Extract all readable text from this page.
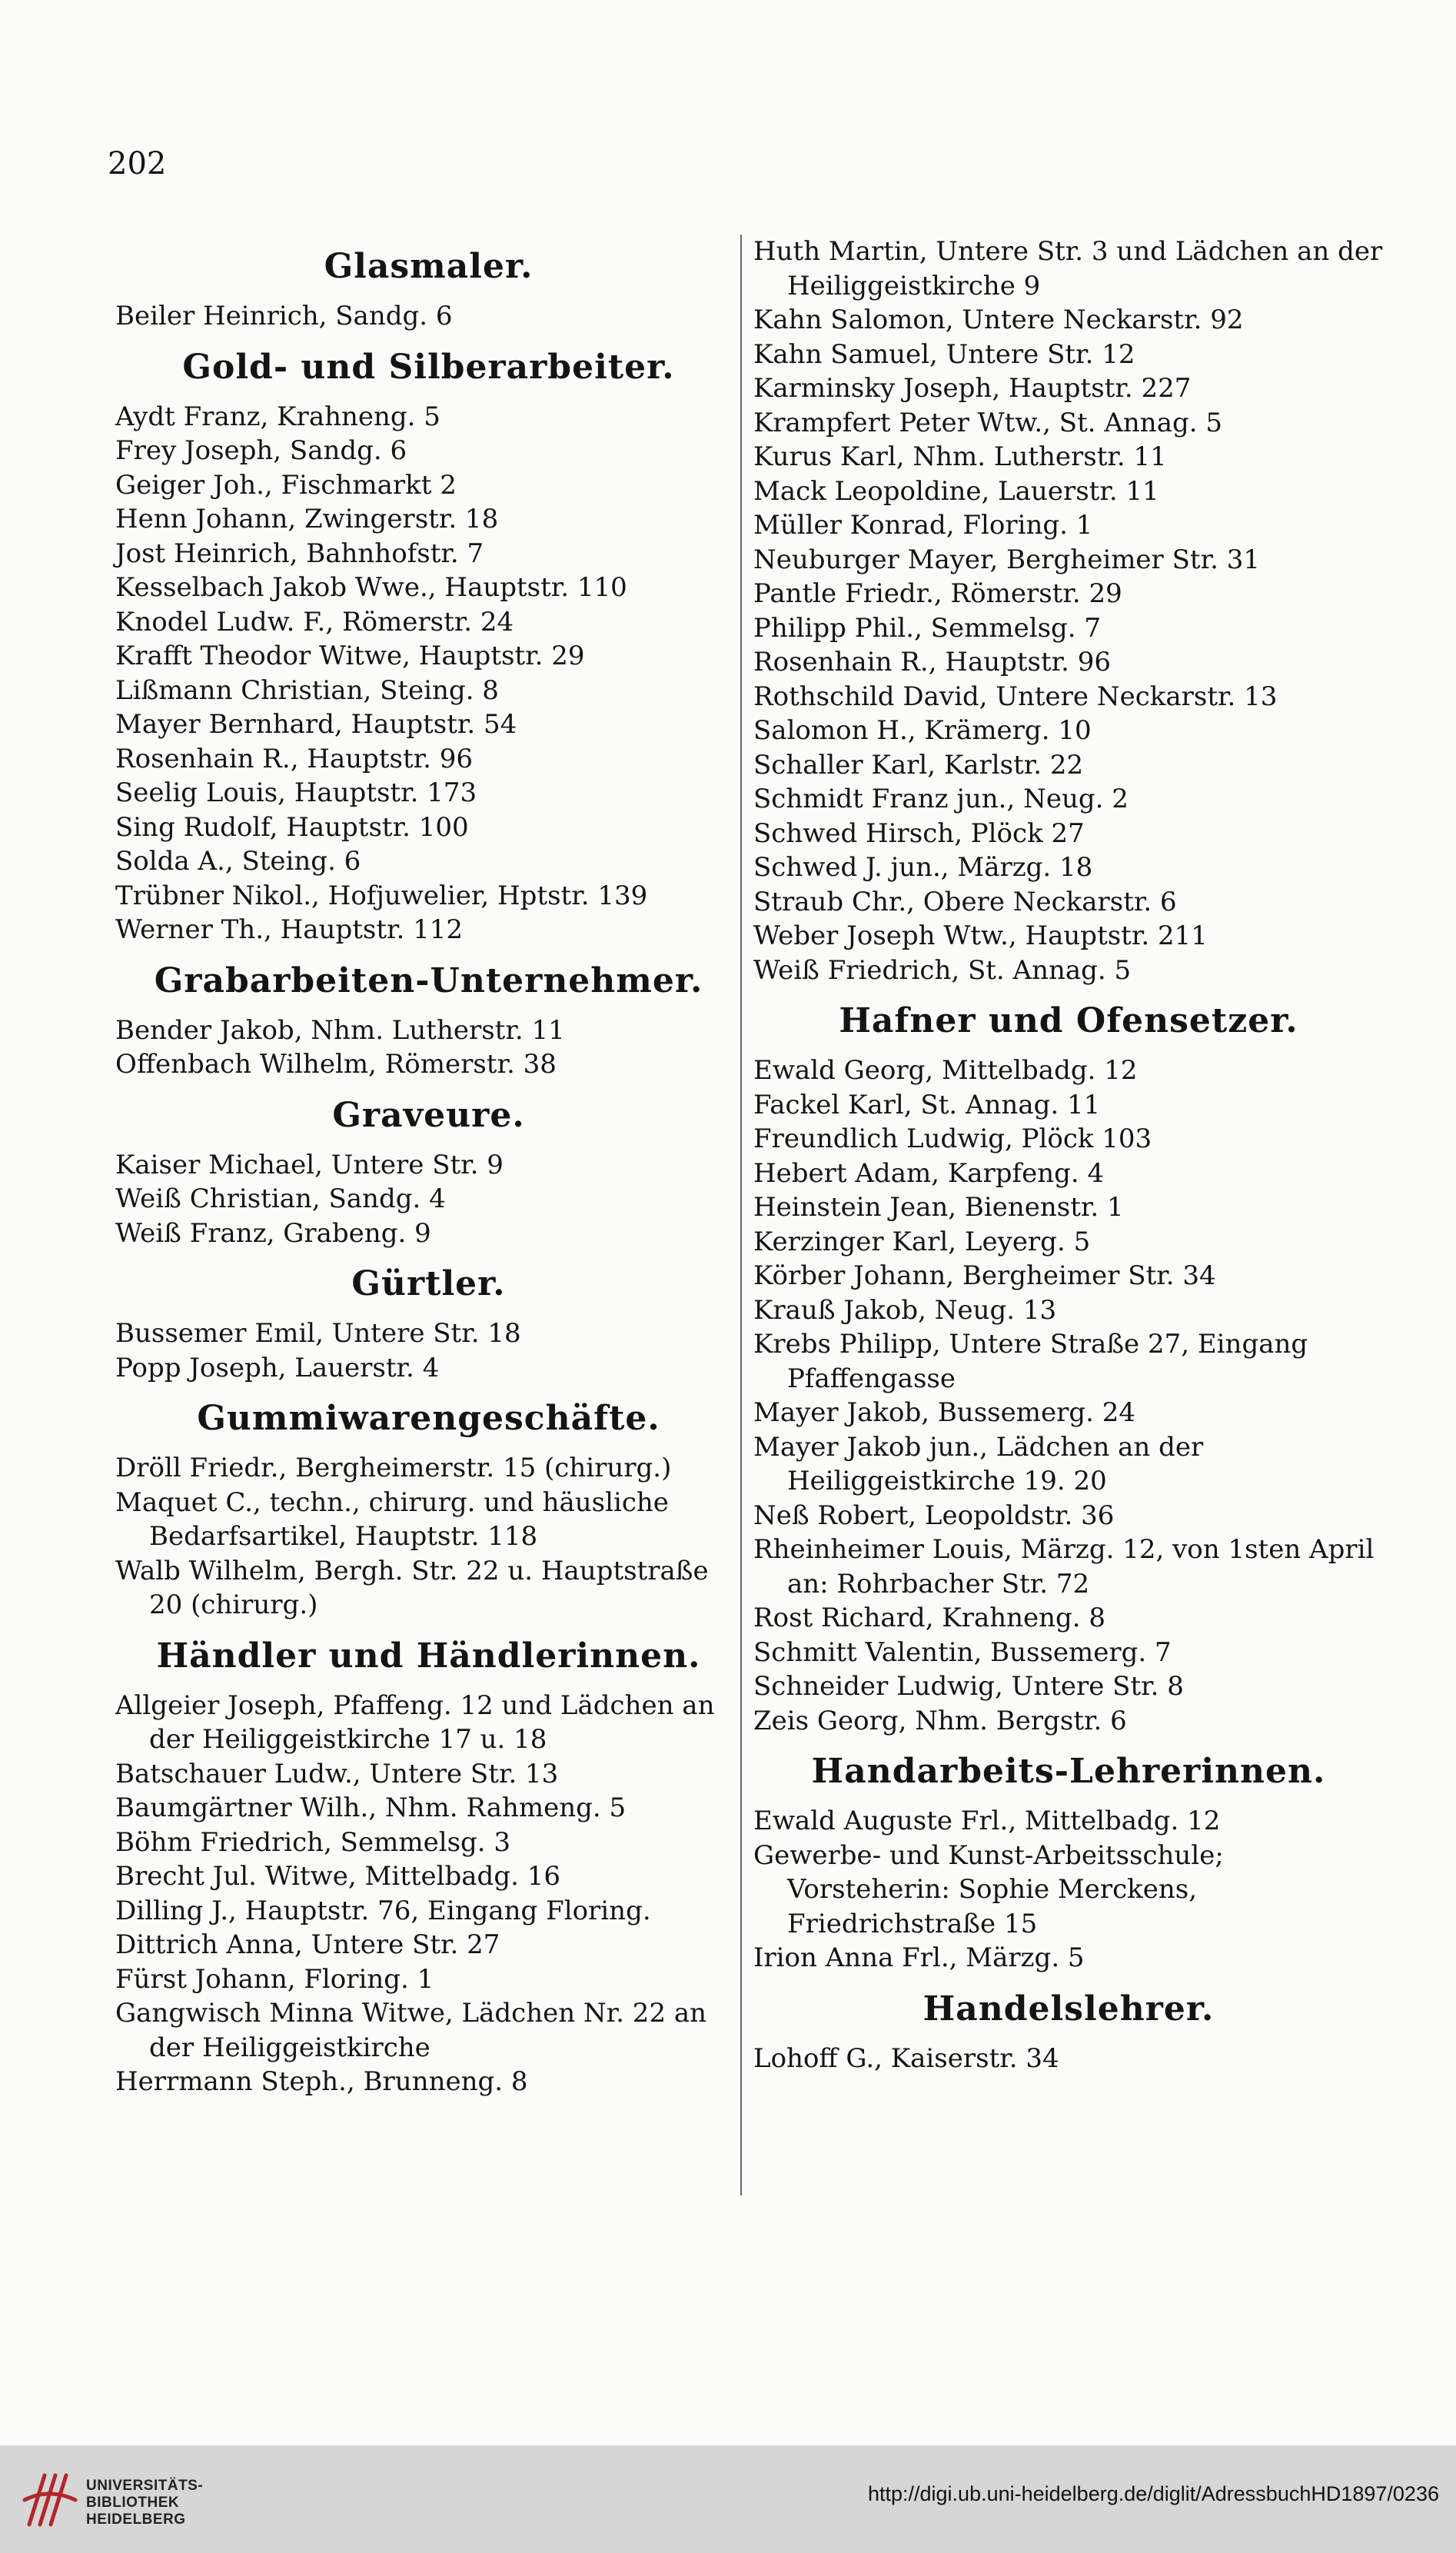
202
Glasmaler.
Beiler Heinrich, Sandg. 6
Gold- und Silberarbeiter.
Aydt Franz, Krahneng. 5
Frey Joseph, Sandg. 6
Geiger Joh., Fischmarkt 2
Henn Johann, Zwingerstr. 18
Jost Heinrich, Bahnhofstr. 7
Kesselbach Jakob Wwe., Hauptstr. 110
Knodel Ludw. F., Römerstr. 24
Krafft Theodor Witwe, Hauptstr. 29
Lißmann Christian, Steing. 8
Mayer Bernhard, Hauptstr. 54
Rosenhain R., Hauptstr. 96
Seelig Louis, Hauptstr. 173
Sing Rudolf, Hauptstr. 100
Solda A., Steing. 6
Trübner Nikol., Hofjuwelier, Hptstr. 139
Werner Th., Hauptstr. 112
Grabarbeiten-Unternehmer.
Bender Jakob, Nhm. Lutherstr. 11
Offenbach Wilhelm, Römerstr. 38
Graveure.
Kaiser Michael, Untere Str. 9
Weiß Christian, Sandg. 4
Weiß Franz, Grabeng. 9
Gürtler.
Bussemer Emil, Untere Str. 18
Popp Joseph, Lauerstr. 4
Gummiwarengeschäfte.
Dröll Friedr., Bergheimerstr. 15 (chirurg.)
Maquet C., techn., chirurg. und häusliche Bedarfsartikel, Hauptstr. 118
Walb Wilhelm, Bergh. Str. 22 u. Hauptstraße 20 (chirurg.)
Händler und Händlerinnen.
Allgeier Joseph, Pfaffeng. 12 und Lädchen an der Heiliggeistkirche 17 u. 18
Batschauer Ludw., Untere Str. 13
Baumgärtner Wilh., Nhm. Rahmeng. 5
Böhm Friedrich, Semmelsg. 3
Brecht Jul. Witwe, Mittelbadg. 16
Dilling J., Hauptstr. 76, Eingang Floring.
Dittrich Anna, Untere Str. 27
Fürst Johann, Floring. 1
Gangwisch Minna Witwe, Lädchen Nr. 22 an der Heiliggeistkirche
Herrmann Steph., Brunneng. 8
Huth Martin, Untere Str. 3 und Lädchen an der Heiliggeistkirche 9
Kahn Salomon, Untere Neckarstr. 92
Kahn Samuel, Untere Str. 12
Karminsky Joseph, Hauptstr. 227
Krampfert Peter Wtw., St. Annag. 5
Kurus Karl, Nhm. Lutherstr. 11
Mack Leopoldine, Lauerstr. 11
Müller Konrad, Floring. 1
Neuburger Mayer, Bergheimer Str. 31
Pantle Friedr., Römerstr. 29
Philipp Phil., Semmelsg. 7
Rosenhain R., Hauptstr. 96
Rothschild David, Untere Neckarstr. 13
Salomon H., Krämerg. 10
Schaller Karl, Karlstr. 22
Schmidt Franz jun., Neug. 2
Schwed Hirsch, Plöck 27
Schwed J. jun., Märzg. 18
Straub Chr., Obere Neckarstr. 6
Weber Joseph Wtw., Hauptstr. 211
Weiß Friedrich, St. Annag. 5
Hafner und Ofensetzer.
Ewald Georg, Mittelbadg. 12
Fackel Karl, St. Annag. 11
Freundlich Ludwig, Plöck 103
Hebert Adam, Karpfeng. 4
Heinstein Jean, Bienenstr. 1
Kerzinger Karl, Leyerg. 5
Körber Johann, Bergheimer Str. 34
Krauß Jakob, Neug. 13
Krebs Philipp, Untere Straße 27, Eingang Pfaffengasse
Mayer Jakob, Bussemerg. 24
Mayer Jakob jun., Lädchen an der Heiliggeistkirche 19. 20
Neß Robert, Leopoldstr. 36
Rheinheimer Louis, Märzg. 12, von 1sten April an: Rohrbacher Str. 72
Rost Richard, Krahneng. 8
Schmitt Valentin, Bussemerg. 7
Schneider Ludwig, Untere Str. 8
Zeis Georg, Nhm. Bergstr. 6
Handarbeits-Lehrerinnen.
Ewald Auguste Frl., Mittelbadg. 12
Gewerbe- und Kunst-Arbeitsschule; Vorsteherin: Sophie Merckens, Friedrichstraße 15
Irion Anna Frl., Märzg. 5
Handelslehrer.
Lohoff G., Kaiserstr. 34
UNIVERSITÄTS-
BIBLIOTHEK
HEIDELBERG
http://digi.ub.uni-heidelberg.de/diglit/AdressbuchHD1897/0236
